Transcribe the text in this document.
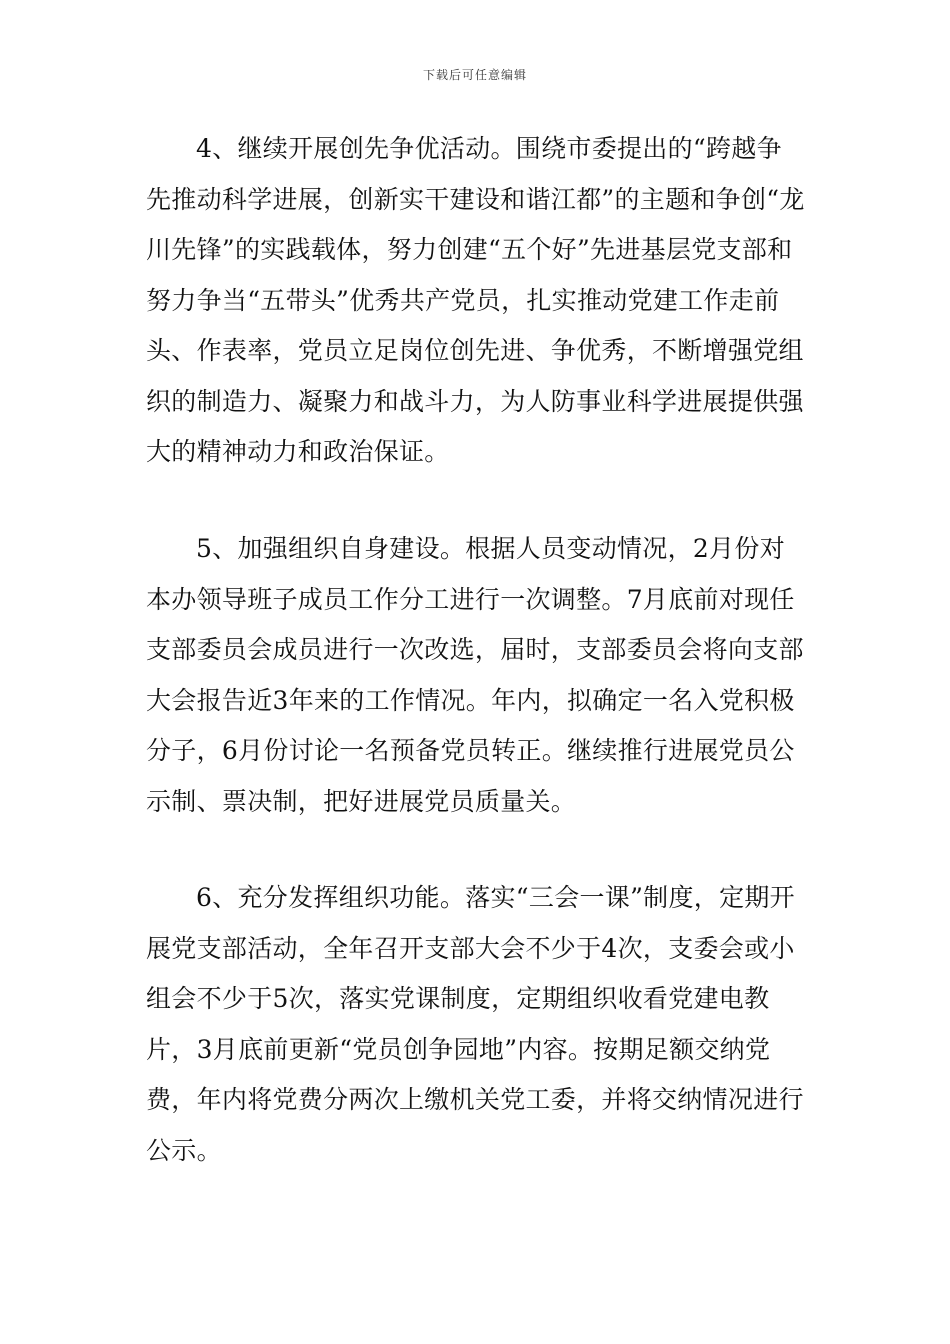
下载后可任意编辑

4、继续开展创先争优活动。围绕市委提出的“跨越争先推动科学进展，创新实干建设和谐江都”的主题和争创“龙川先锋”的实践载体，努力创建“五个好”先进基层党支部和努力争当“五带头”优秀共产党员，扎实推动党建工作走前头、作表率，党员立足岗位创先进、争优秀，不断增强党组织的制造力、凝聚力和战斗力，为人防事业科学进展提供强大的精神动力和政治保证。

5、加强组织自身建设。根据人员变动情况，2月份对本办领导班子成员工作分工进行一次调整。7月底前对现任支部委员会成员进行一次改选，届时，支部委员会将向支部大会报告近3年来的工作情况。年内，拟确定一名入党积极分子，6月份讨论一名预备党员转正。继续推行进展党员公示制、票决制，把好进展党员质量关。

6、充分发挥组织功能。落实“三会一课”制度，定期开展党支部活动，全年召开支部大会不少于4次，支委会或小组会不少于5次，落实党课制度，定期组织收看党建电教片，3月底前更新“党员创争园地”内容。按期足额交纳党费，年内将党费分两次上缴机关党工委，并将交纳情况进行公示。
